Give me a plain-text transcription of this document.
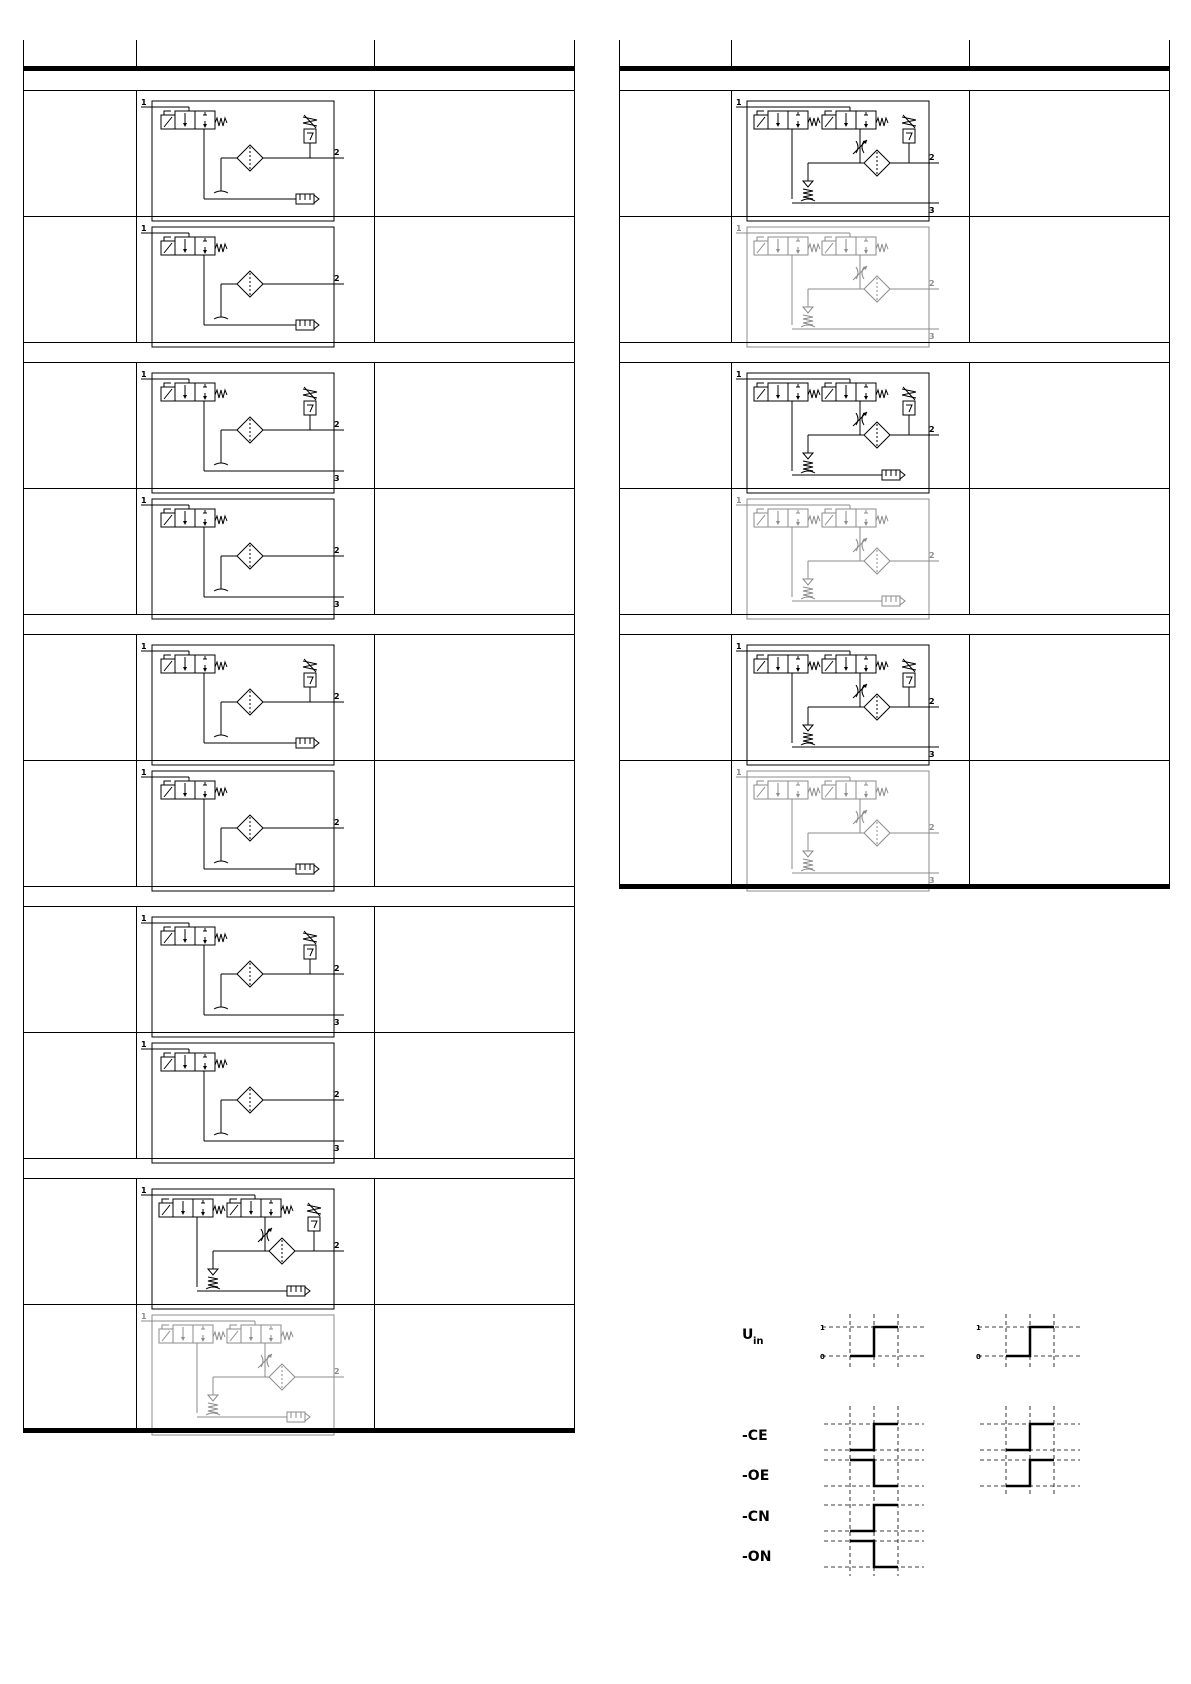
1
2	

1
2	

1
2
3	

1
2
3	

1
2	

1
2	

1
2
3	

1
2
3	

1
2	

1
2	

1
2
3	

1
2
3	

1
2	

1
2	

1
2
3	

1
2
3	

U in
1
0
1
0
-CE
-OE
-CN
-ON
